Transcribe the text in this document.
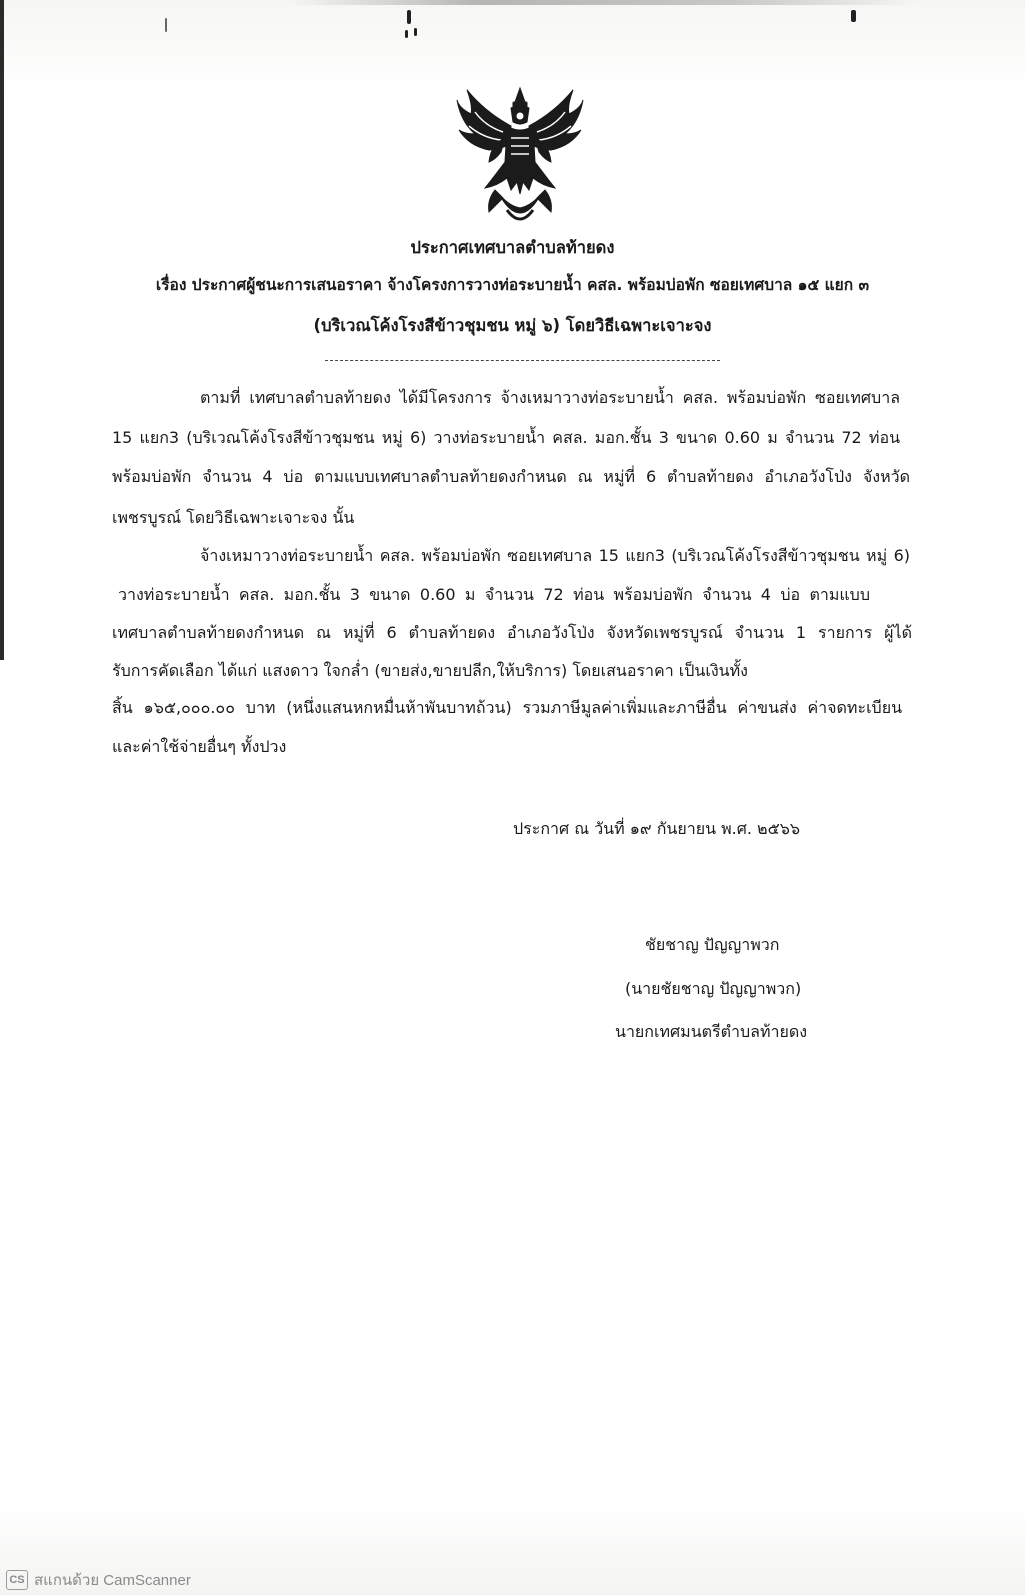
ประกาศเทศบาลตำบลท้ายดง
เรื่อง ประกาศผู้ชนะการเสนอราคา จ้างโครงการวางท่อระบายน้ำ คสล. พร้อมบ่อพัก ซอยเทศบาล ๑๕ แยก ๓
(บริเวณโค้งโรงสีข้าวชุมชน หมู่ ๖) โดยวิธีเฉพาะเจาะจง
ตามที่ เทศบาลตำบลท้ายดง ได้มีโครงการ จ้างเหมาวางท่อระบายน้ำ คสล. พร้อมบ่อพัก ซอยเทศบาล
15 แยก3 (บริเวณโค้งโรงสีข้าวชุมชน หมู่ 6) วางท่อระบายน้ำ คสล. มอก.ชั้น 3 ขนาด 0.60 ม จำนวน 72 ท่อน
พร้อมบ่อพัก จำนวน 4 บ่อ ตามแบบเทศบาลตำบลท้ายดงกำหนด ณ หมู่ที่ 6 ตำบลท้ายดง อำเภอวังโป่ง จังหวัด
เพชรบูรณ์ โดยวิธีเฉพาะเจาะจง นั้น
จ้างเหมาวางท่อระบายน้ำ คสล. พร้อมบ่อพัก ซอยเทศบาล 15 แยก3 (บริเวณโค้งโรงสีข้าวชุมชน หมู่ 6)
วางท่อระบายน้ำ คสล. มอก.ชั้น 3 ขนาด 0.60 ม จำนวน 72 ท่อน พร้อมบ่อพัก จำนวน 4 บ่อ ตามแบบ
เทศบาลตำบลท้ายดงกำหนด ณ หมู่ที่ 6 ตำบลท้ายดง อำเภอวังโป่ง จังหวัดเพชรบูรณ์ จำนวน 1 รายการ ผู้ได้
รับการคัดเลือก ได้แก่ แสงดาว ใจกล่ำ (ขายส่ง,ขายปลีก,ให้บริการ) โดยเสนอราคา เป็นเงินทั้ง
สิ้น ๑๖๕,๐๐๐.๐๐ บาท (หนึ่งแสนหกหมื่นห้าพันบาทถ้วน) รวมภาษีมูลค่าเพิ่มและภาษีอื่น ค่าขนส่ง ค่าจดทะเบียน
และค่าใช้จ่ายอื่นๆ ทั้งปวง
ประกาศ ณ วันที่ ๑๙ กันยายน พ.ศ. ๒๕๖๖
ชัยชาญ ปัญญาพวก
(นายชัยชาญ ปัญญาพวก)
นายกเทศมนตรีตำบลท้ายดง
CS สแกนด้วย CamScanner
